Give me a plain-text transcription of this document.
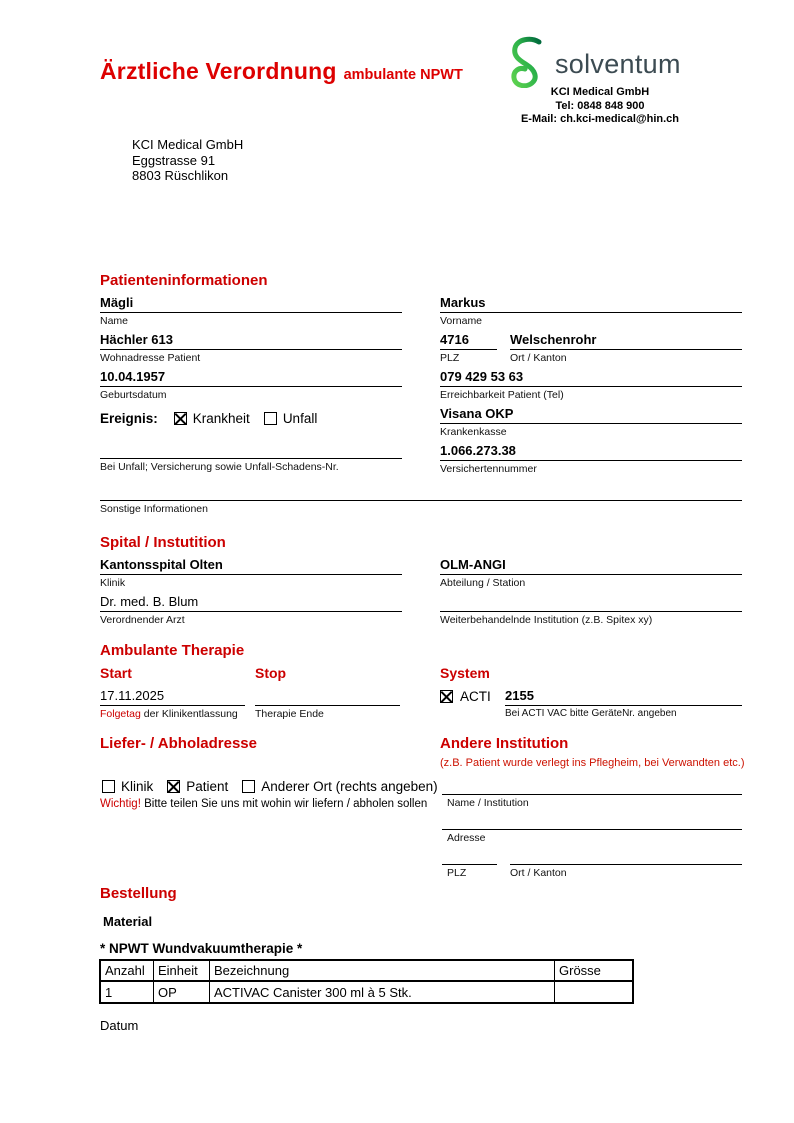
Ärztliche Verordnung ambulante NPWT	solventum
KCI Medical GmbH
Tel: 0848 848 900
E-Mail: ch.kci-medical@hin.ch
KCI Medical GmbH
Eggstrasse 91
8803 Rüschlikon
Patienteninformationen
Mägli
Name
Markus
Vorname
Hächler 613
Wohnadresse Patient
4716
PLZ
Welschenrohr
Ort / Kanton
10.04.1957
Geburtsdatum
079 429 53 63
Erreichbarkeit Patient (Tel)
Visana OKP
Krankenkasse
1.066.273.38
Versichertennummer
Ereignis:	Krankheit Unfall
Bei Unfall; Versicherung sowie Unfall-Schadens-Nr.
Sonstige Informationen
Spital / Instutition
Kantonsspital Olten
Klinik
OLM-ANGI
Abteilung / Station
Dr. med. B. Blum
Verordnender Arzt	Weiterbehandelnde Institution (z.B. Spitex xy)
Ambulante Therapie
Start	Stop	System
17.11.2025
Folgetag der Klinikentlassung	Therapie Ende
ACTI 2155
Bei ACTI VAC bitte GeräteNr. angeben
Liefer- / Abholadresse	Andere Institution
(z.B. Patient wurde verlegt ins Pflegheim, bei Verwandten etc.)
Klinik Patient Anderer Ort (rechts angeben)
Wichtig! Bitte teilen Sie uns mit wohin wir liefern / abholen sollen	Name / Institution
Adresse
PLZ	Ort / Kanton
Bestellung
Material
* NPWT Wundvakuumtherapie *
Anzahl	Einheit	Bezeichnung	Grösse
1	OP	ACTIVAC Canister 300 ml à 5 Stk.	
Datum
